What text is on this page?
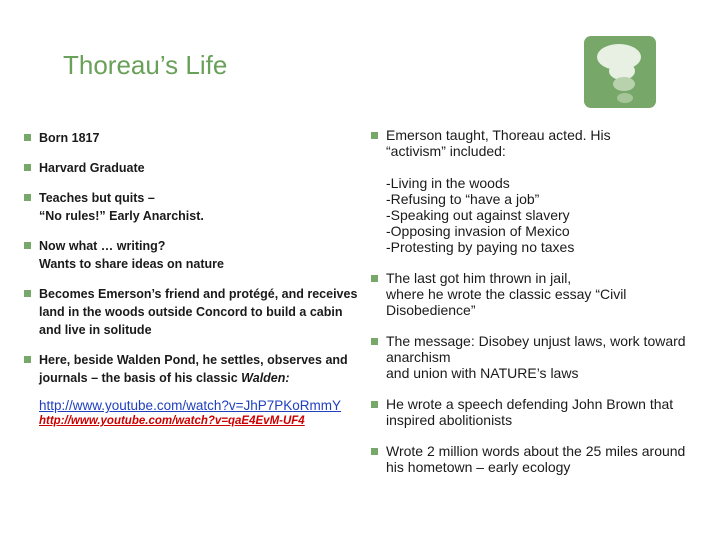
Thoreau’s Life
Born 1817
Harvard Graduate
Teaches but quits –
“No rules!” Early Anarchist.
Now what … writing?
Wants to share ideas on nature
Becomes Emerson’s friend and protégé, and receives land in the woods outside Concord to build a cabin and live in solitude
Here, beside Walden Pond, he settles, observes and journals – the basis of his classic Walden:
http://www.youtube.com/watch?v=JhP7PKoRmmY
http://www.youtube.com/watch?v=qaE4EvM-UF4
Emerson taught, Thoreau acted. His
“activism” included:
-Living in the woods
-Refusing to “have a job”
-Speaking out against slavery
-Opposing invasion of Mexico
-Protesting by paying no taxes
The last got him thrown in jail,
where he wrote the classic essay “Civil Disobedience”
The message: Disobey unjust laws, work toward anarchism
and union with NATURE’s laws
He wrote a speech defending John Brown that inspired abolitionists
Wrote 2 million words about the 25 miles around his hometown – early ecology
